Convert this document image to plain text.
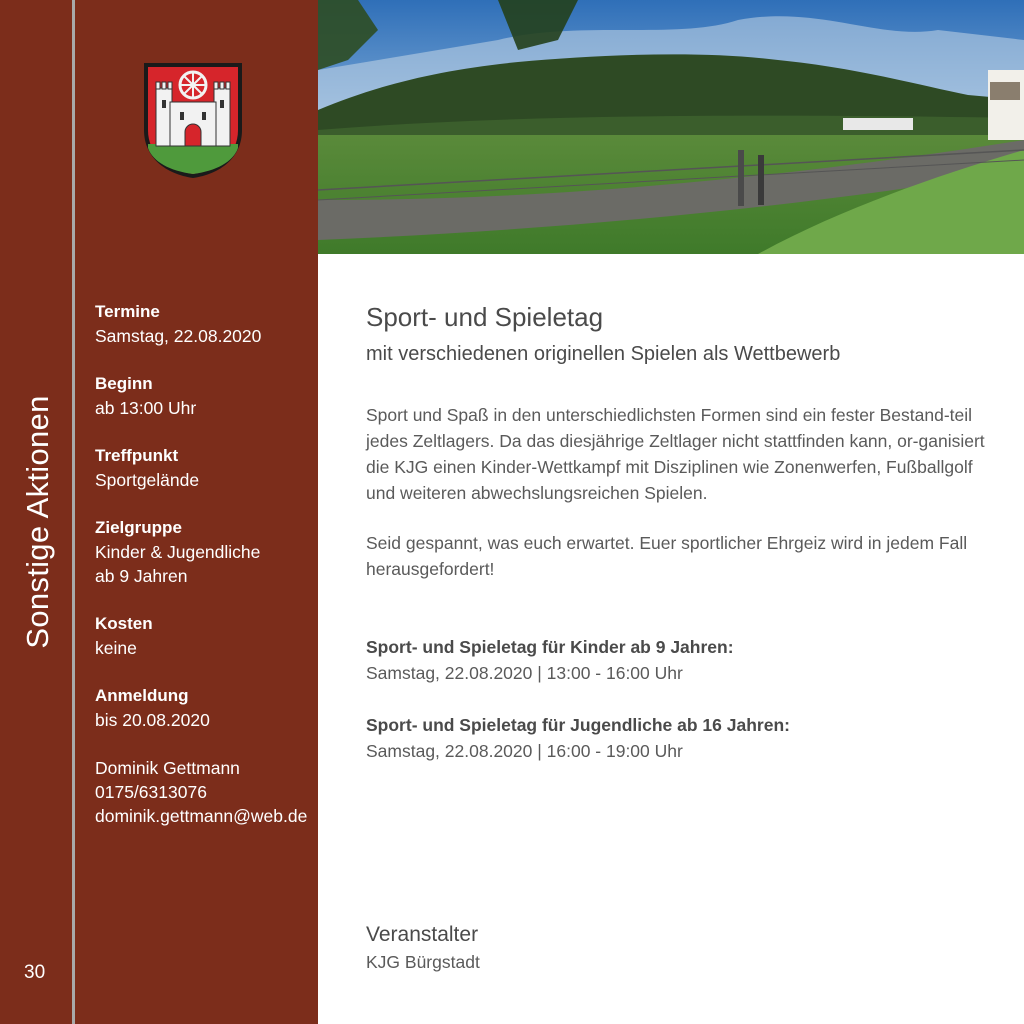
Sonstige Aktionen
30
Termine
Samstag, 22.08.2020
Beginn
ab 13:00 Uhr
Treffpunkt
Sportgelände
Zielgruppe
Kinder & Jugendliche
ab 9 Jahren
Kosten
keine
Anmeldung
bis 20.08.2020
Dominik Gettmann
0175/6313076
dominik.gettmann@web.de
Sport- und Spieletag
mit verschiedenen originellen Spielen als Wettbewerb
Sport und Spaß in den unterschiedlichsten Formen sind ein fester Bestand-teil jedes Zeltlagers. Da das diesjährige Zeltlager nicht stattfinden kann, or-ganisiert die KJG einen Kinder-Wettkampf mit Disziplinen wie Zonenwerfen, Fußballgolf und weiteren abwechslungsreichen Spielen.
Seid gespannt, was euch erwartet. Euer sportlicher Ehrgeiz wird in jedem Fall herausgefordert!
Sport- und Spieletag für Kinder ab 9 Jahren:
Samstag, 22.08.2020 | 13:00 - 16:00 Uhr
Sport- und Spieletag für Jugendliche ab 16 Jahren:
Samstag, 22.08.2020 | 16:00 - 19:00 Uhr
Veranstalter
KJG Bürgstadt
